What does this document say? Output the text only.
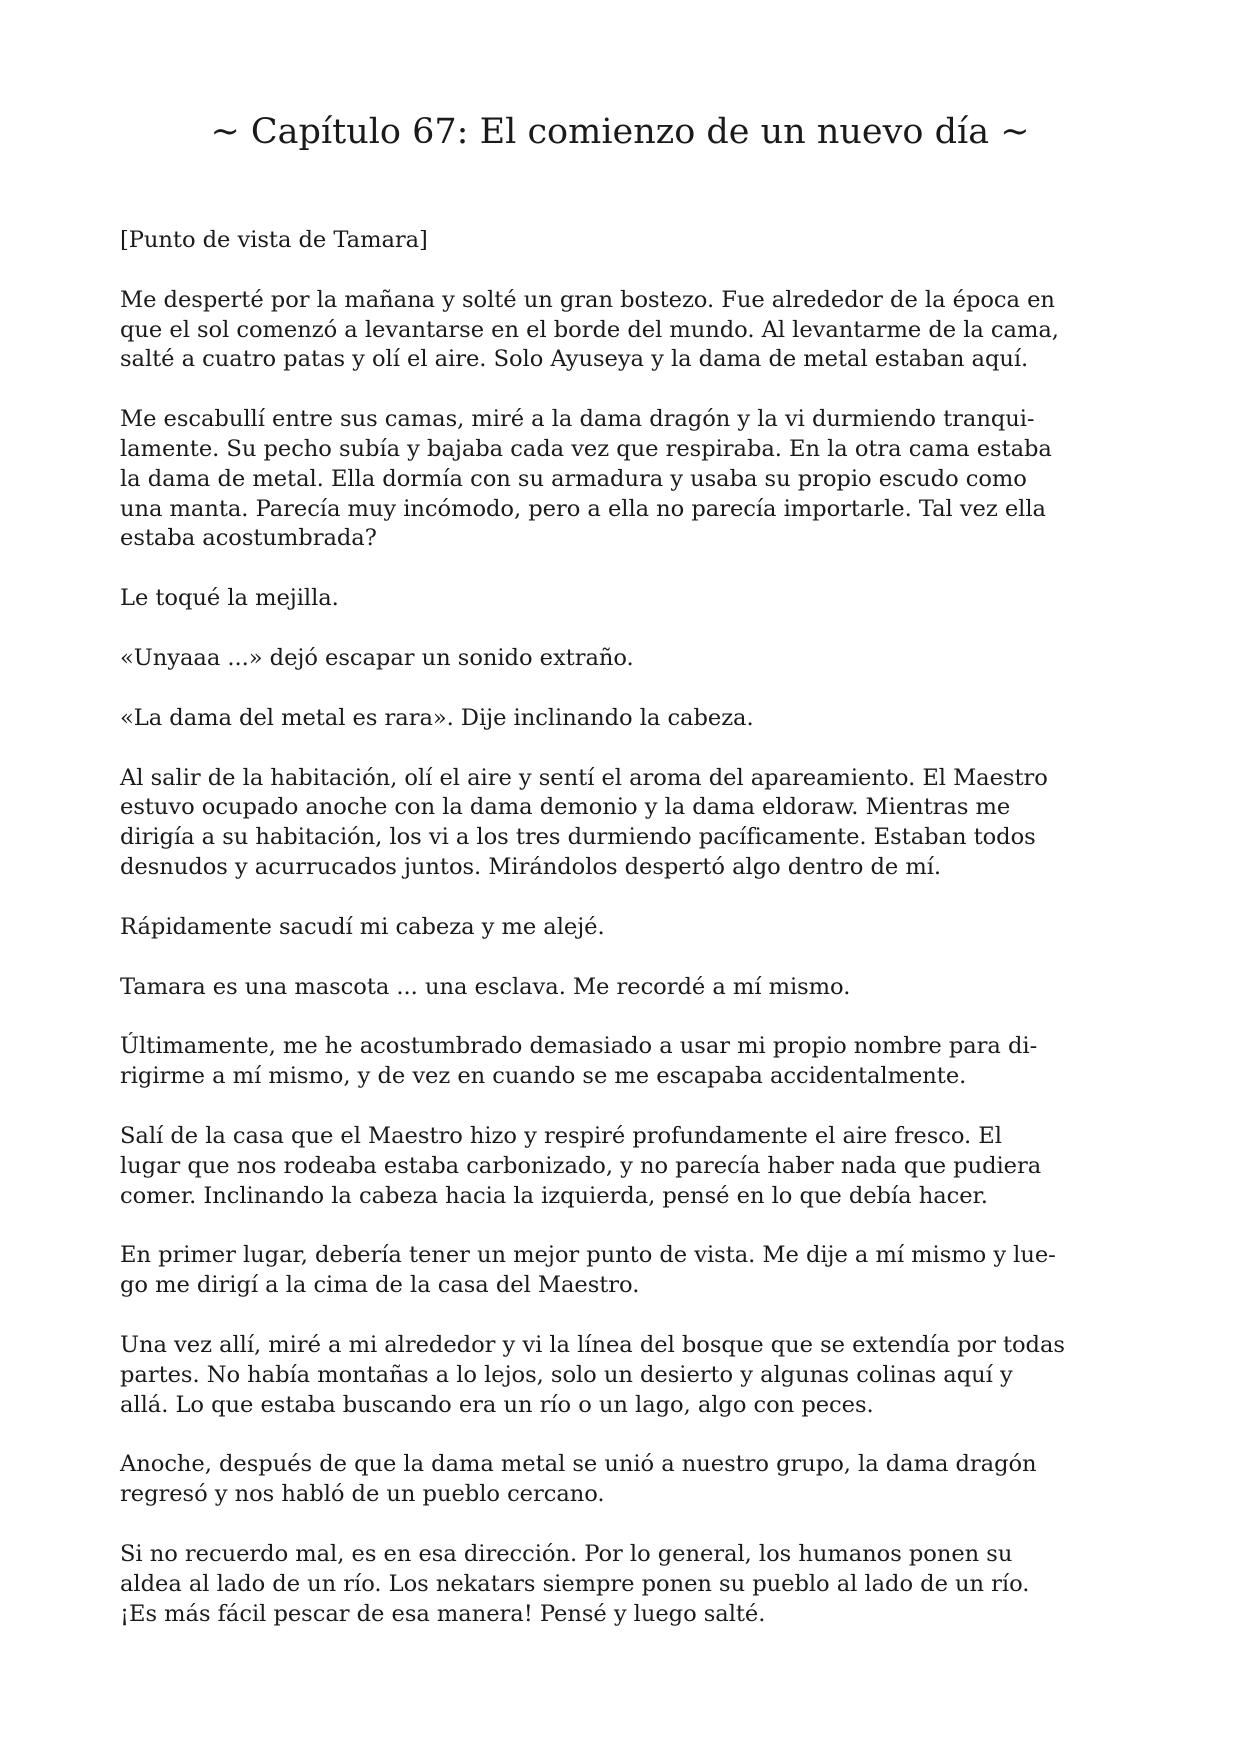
~ Capítulo 67: El comienzo de un nuevo día ~

[Punto de vista de Tamara]

Me desperté por la mañana y solté un gran bostezo. Fue alrededor de la época en
que el sol comenzó a levantarse en el borde del mundo. Al levantarme de la cama,
salté a cuatro patas y olí el aire. Solo Ayuseya y la dama de metal estaban aquí.

Me escabullí entre sus camas, miré a la dama dragón y la vi durmiendo tranqui-
lamente. Su pecho subía y bajaba cada vez que respiraba. En la otra cama estaba
la dama de metal. Ella dormía con su armadura y usaba su propio escudo como
una manta. Parecía muy incómodo, pero a ella no parecía importarle. Tal vez ella
estaba acostumbrada?

Le toqué la mejilla.

«Unyaaa ...» dejó escapar un sonido extraño.

«La dama del metal es rara». Dije inclinando la cabeza.

Al salir de la habitación, olí el aire y sentí el aroma del apareamiento. El Maestro
estuvo ocupado anoche con la dama demonio y la dama eldoraw. Mientras me
dirigía a su habitación, los vi a los tres durmiendo pacíficamente. Estaban todos
desnudos y acurrucados juntos. Mirándolos despertó algo dentro de mí.

Rápidamente sacudí mi cabeza y me alejé.

Tamara es una mascota ... una esclava. Me recordé a mí mismo.

Últimamente, me he acostumbrado demasiado a usar mi propio nombre para di-
rigirme a mí mismo, y de vez en cuando se me escapaba accidentalmente.

Salí de la casa que el Maestro hizo y respiré profundamente el aire fresco. El
lugar que nos rodeaba estaba carbonizado, y no parecía haber nada que pudiera
comer. Inclinando la cabeza hacia la izquierda, pensé en lo que debía hacer.

En primer lugar, debería tener un mejor punto de vista. Me dije a mí mismo y lue-
go me dirigí a la cima de la casa del Maestro.

Una vez allí, miré a mi alrededor y vi la línea del bosque que se extendía por todas
partes. No había montañas a lo lejos, solo un desierto y algunas colinas aquí y
allá. Lo que estaba buscando era un río o un lago, algo con peces.

Anoche, después de que la dama metal se unió a nuestro grupo, la dama dragón
regresó y nos habló de un pueblo cercano.

Si no recuerdo mal, es en esa dirección. Por lo general, los humanos ponen su
aldea al lado de un río. Los nekatars siempre ponen su pueblo al lado de un río.
¡Es más fácil pescar de esa manera! Pensé y luego salté.
